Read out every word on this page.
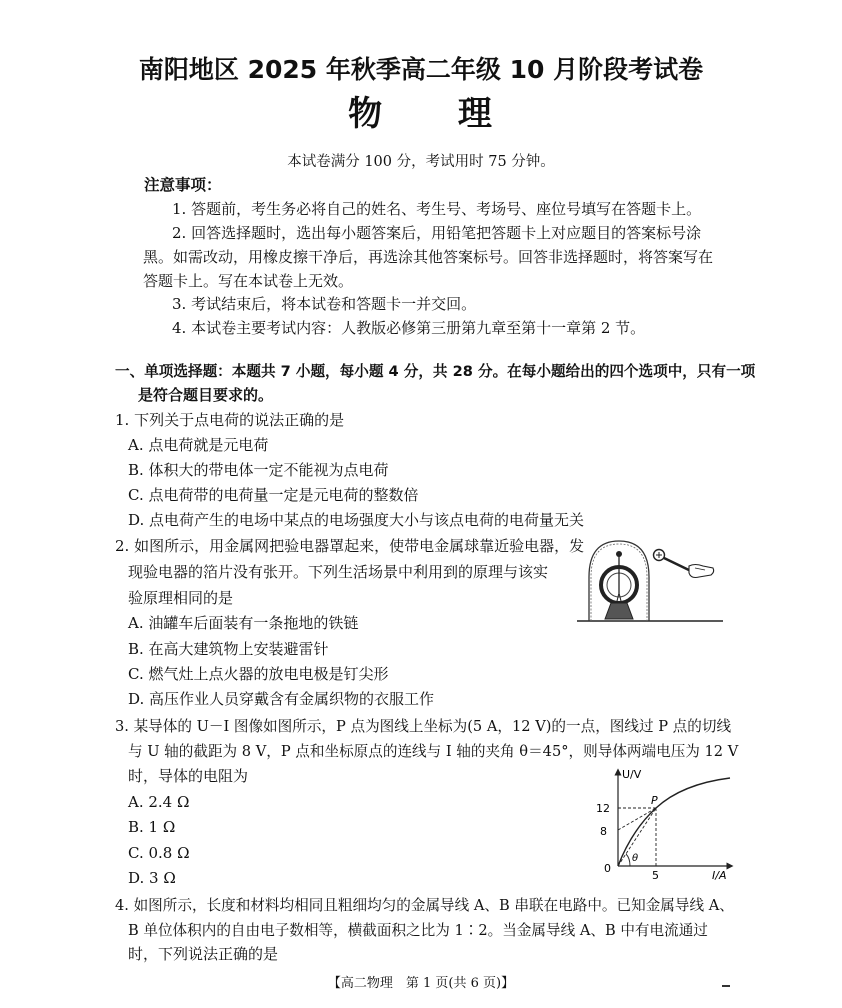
南阳地区 2025 年秋季高二年级 10 月阶段考试卷
物 理
本试卷满分 100 分，考试用时 75 分钟。
注意事项：
1. 答题前，考生务必将自己的姓名、考生号、考场号、座位号填写在答题卡上。
2. 回答选择题时，选出每小题答案后，用铅笔把答题卡上对应题目的答案标号涂
黑。如需改动，用橡皮擦干净后，再选涂其他答案标号。回答非选择题时，将答案写在
答题卡上。写在本试卷上无效。
3. 考试结束后，将本试卷和答题卡一并交回。
4. 本试卷主要考试内容：人教版必修第三册第九章至第十一章第 2 节。
一、单项选择题：本题共 7 小题，每小题 4 分，共 28 分。在每小题给出的四个选项中，只有一项
是符合题目要求的。
1. 下列关于点电荷的说法正确的是
A. 点电荷就是元电荷
B. 体积大的带电体一定不能视为点电荷
C. 点电荷带的电荷量一定是元电荷的整数倍
D. 点电荷产生的电场中某点的电场强度大小与该点电荷的电荷量无关
2. 如图所示，用金属网把验电器罩起来，使带电金属球靠近验电器，发
现验电器的箔片没有张开。下列生活场景中利用到的原理与该实
验原理相同的是
A. 油罐车后面装有一条拖地的铁链
B. 在高大建筑物上安装避雷针
C. 燃气灶上点火器的放电电极是钉尖形
D. 高压作业人员穿戴含有金属织物的衣服工作
3. 某导体的 U－I 图像如图所示，P 点为图线上坐标为(5 A，12 V)的一点，图线过 P 点的切线
与 U 轴的截距为 8 V，P 点和坐标原点的连线与 I 轴的夹角 θ＝45°，则导体两端电压为 12 V
时，导体的电阻为
A. 2.4 Ω
B. 1 Ω
C. 0.8 Ω
D. 3 Ω
U/V
I/A
0
12
8
5
P
θ
4. 如图所示，长度和材料均相同且粗细均匀的金属导线 A、B 串联在电路中。已知金属导线 A、
B 单位体积内的自由电子数相等，横截面积之比为 1∶2。当金属导线 A、B 中有电流通过
时，下列说法正确的是
【高二物理　第 1 页(共 6 页)】
